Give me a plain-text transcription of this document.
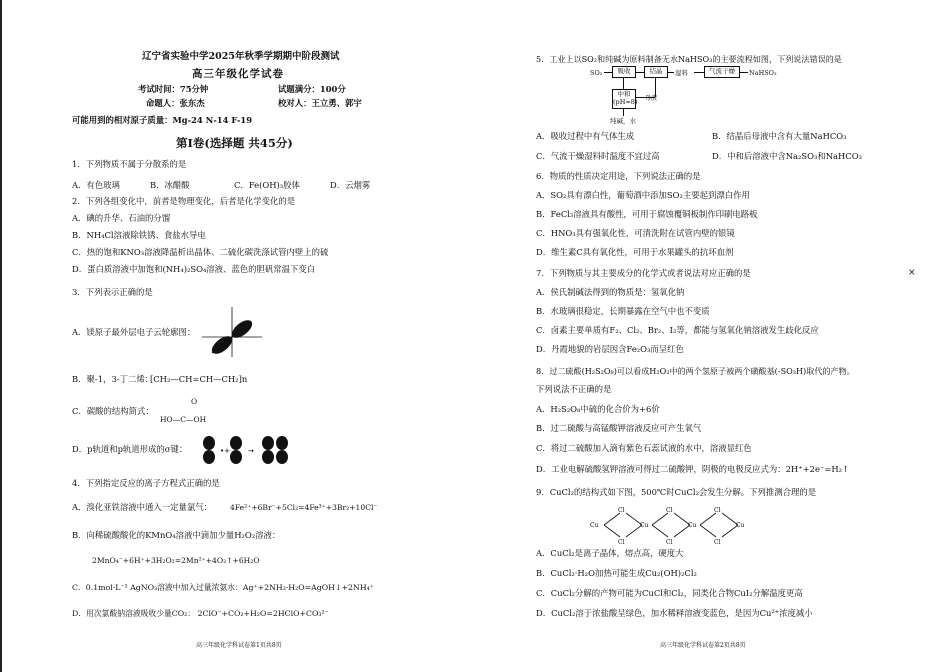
辽宁省实验中学2025年秋季学期期中阶段测试
高三年级化学试卷
考试时间：75分钟	试题满分：100分
命题人：张东杰	校对人：王立勇、郭宇
可能用到的相对原子质量：Mg-24 N-14 F-19
第Ⅰ卷(选择题 共45分)
1．下列物质不属于分散系的是
A．有色玻璃	B．冰醋酸	C．Fe(OH)₃胶体	D．云烟雾
2．下列各组变化中，前者是物理变化，后者是化学变化的是
A．碘的升华、石油的分馏
B．NH₄Cl溶液除铁锈、食盐水导电
C．热的饱和KNO₃溶液降温析出晶体、二硫化碳洗涤试管内壁上的硫
D．蛋白质溶液中加饱和(NH₄)₂SO₄溶液、蓝色的胆矾常温下变白
3．下列表示正确的是
A．镁原子最外层电子云轮廓图：
B．聚-1，3-丁二烯：
[CH₂—CH=CH—CH₂]n
C．碳酸的结构简式：
O
HO—C—OH
D．p轨道和p轨道形成的σ键：	•+	→
4．下列指定反应的离子方程式正确的是
A．溴化亚铁溶液中通入一定量氯气： 4Fe²⁺+6Br⁻+5Cl₂=4Fe³⁺+3Br₂+10Cl⁻
B．向稀硫酸酸化的KMnO₄溶液中滴加少量H₂O₂溶液：
2MnO₄⁻+6H⁺+3H₂O₂=2Mn²⁺+4O₂↑+6H₂O
C．0.1mol·L⁻¹ AgNO₃溶液中加入过量浓氨水：Ag⁺+2NH₃·H₂O=AgOH↓+2NH₄⁺
D．用次氯酸钠溶液吸收少量CO₂： 2ClO⁻+CO₂+H₂O=2HClO+CO₃²⁻
高三年级化学科试卷第1页共8页
5．工业上以SO₂和纯碱为原料制备无水NaHSO₃的主要流程如图，下列说法错误的是
SO₂	吸收	结晶	湿料	气流干燥	NaHSO₃
中和
(pH=8) 母液
纯碱，水
A．吸收过程中有气体生成	B．结晶后母液中含有大量NaHCO₃
C．气流干燥湿料时温度不宜过高	D．中和后溶液中含Na₂SO₃和NaHCO₃
6．物质的性质决定用途，下列说法正确的是
A．SO₂具有漂白性，葡萄酒中添加SO₂主要起到漂白作用
B．FeCl₃溶液具有酸性，可用于腐蚀覆铜板制作印刷电路板
C．HNO₃具有强氧化性，可清洗附在试管内壁的银镜
D．维生素C具有氧化性，可用于水果罐头的抗坏血剂
7．下列物质与其主要成分的化学式或者说法对应正确的是
A．侯氏制碱法得到的物质是：氢氧化钠
B．水玻璃很稳定，长期暴露在空气中也不变质
C．卤素主要单质有F₂、Cl₂、Br₂、I₂等，都能与氢氧化钠溶液发生歧化反应
D．丹霞地貌的岩层因含Fe₂O₃而呈红色
8．过二硫酸(H₂S₂O₈)可以看成H₂O₂中的两个氢原子被两个磺酸基(-SO₃H)取代的产物。
下列说法不正确的是
A．H₂S₂O₈中硫的化合价为+6价
B．过二硫酸与高锰酸钾溶液反应可产生氧气
C．将过二硫酸加入滴有紫色石蕊试液的水中，溶液显红色
D．工业电解硫酸氢钾溶液可得过二硫酸钾，阴极的电极反应式为：2H⁺+2e⁻=H₂↑
9．CuCl₂的结构式如下图，500℃时CuCl₂会发生分解。下列推测合理的是
Cu
Cl
Cl
Cu
Cl
Cl
Cu
Cl
Cl
Cu
A．CuCl₂是离子晶体，熔点高，硬度大
B．CuCl₂·H₂O加热可能生成Cu₂(OH)₂Cl₂
C．CuCl₂分解的产物可能为CuCl和Cl₂，同类化合物CuI₂分解温度更高
D．CuCl₂溶于浓盐酸呈绿色，加水稀释溶液变蓝色，是因为Cu²⁺浓度减小
高三年级化学科试卷第2页共8页
×
